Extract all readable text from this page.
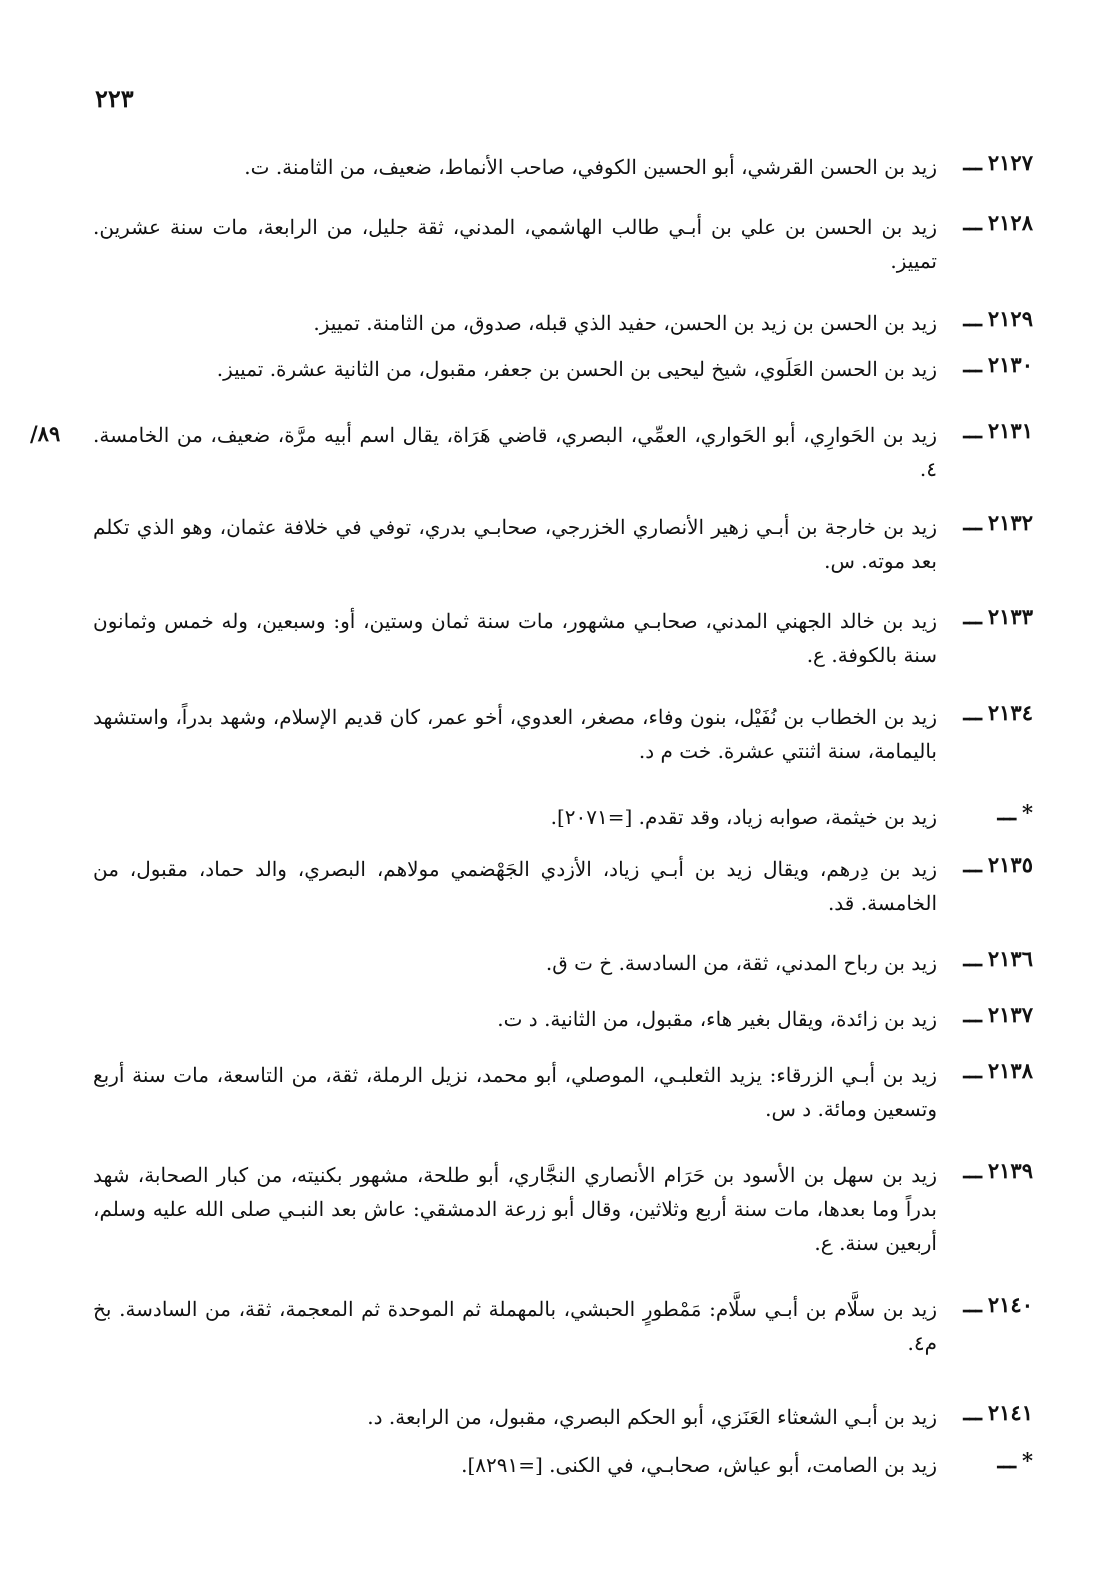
٢٢٣
٨٩/
٢١٢٧
ـــ
زيد بن الحسن القرشي، أبو الحسين الكوفي، صاحب الأنماط، ضعيف، من الثامنة. ت.
٢١٢٨
ـــ
زيد بن الحسن بن علي بن أبـي طالب الهاشمي، المدني، ثقة جليل، من الرابعة، مات سنة عشرين. تمييز.
٢١٢٩
ـــ
زيد بن الحسن بن زيد بن الحسن، حفيد الذي قبله، صدوق، من الثامنة. تمييز.
٢١٣٠
ـــ
زيد بن الحسن العَلَوي، شيخ ليحيى بن الحسن بن جعفر، مقبول، من الثانية عشرة. تمييز.
٢١٣١
ـــ
زيد بن الحَوارِي، أبو الحَواري، العمِّي، البصري، قاضي هَرَاة، يقال اسم أبيه مرَّة، ضعيف، من الخامسة. ٤.
٢١٣٢
ـــ
زيد بن خارجة بن أبـي زهير الأنصاري الخزرجي، صحابـي بدري، توفي في خلافة عثمان، وهو الذي تكلم بعد موته. س.
٢١٣٣
ـــ
زيد بن خالد الجهني المدني، صحابـي مشهور، مات سنة ثمان وستين، أو: وسبعين، وله خمس وثمانون سنة بالكوفة. ع.
٢١٣٤
ـــ
زيد بن الخطاب بن نُفَيْل، بنون وفاء، مصغر، العدوي، أخو عمر، كان قديم الإسلام، وشهد بدراً، واستشهد باليمامة، سنة اثنتي عشرة. خت م د.
*
ـــ
زيد بن خيثمة، صوابه زياد، وقد تقدم. [=٢٠٧١].
٢١٣٥
ـــ
زيد بن دِرهم، ويقال زيد بن أبـي زياد، الأزدي الجَهْضمي مولاهم، البصري، والد حماد، مقبول، من الخامسة. قد.
٢١٣٦
ـــ
زيد بن رباح المدني، ثقة، من السادسة. خ ت ق.
٢١٣٧
ـــ
زيد بن زائدة، ويقال بغير هاء، مقبول، من الثانية. د ت.
٢١٣٨
ـــ
زيد بن أبـي الزرقاء: يزيد الثعلبـي، الموصلي، أبو محمد، نزيل الرملة، ثقة، من التاسعة، مات سنة أربع وتسعين ومائة. د س.
٢١٣٩
ـــ
زيد بن سهل بن الأسود بن حَرَام الأنصاري النجَّاري، أبو طلحة، مشهور بكنيته، من كبار الصحابة، شهد بدراً وما بعدها، مات سنة أربع وثلاثين، وقال أبو زرعة الدمشقي: عاش بعد النبـي صلى الله عليه وسلم، أربعين سنة. ع.
٢١٤٠
ـــ
زيد بن سلَّام بن أبـي سلَّام: مَمْطورٍ الحبشي، بالمهملة ثم الموحدة ثم المعجمة، ثقة، من السادسة. بخ م٤.
٢١٤١
ـــ
زيد بن أبـي الشعثاء العَنَزي، أبو الحكم البصري، مقبول، من الرابعة. د.
*
ـــ
زيد بن الصامت، أبو عياش، صحابـي، في الكنى. [=٨٢٩١].
